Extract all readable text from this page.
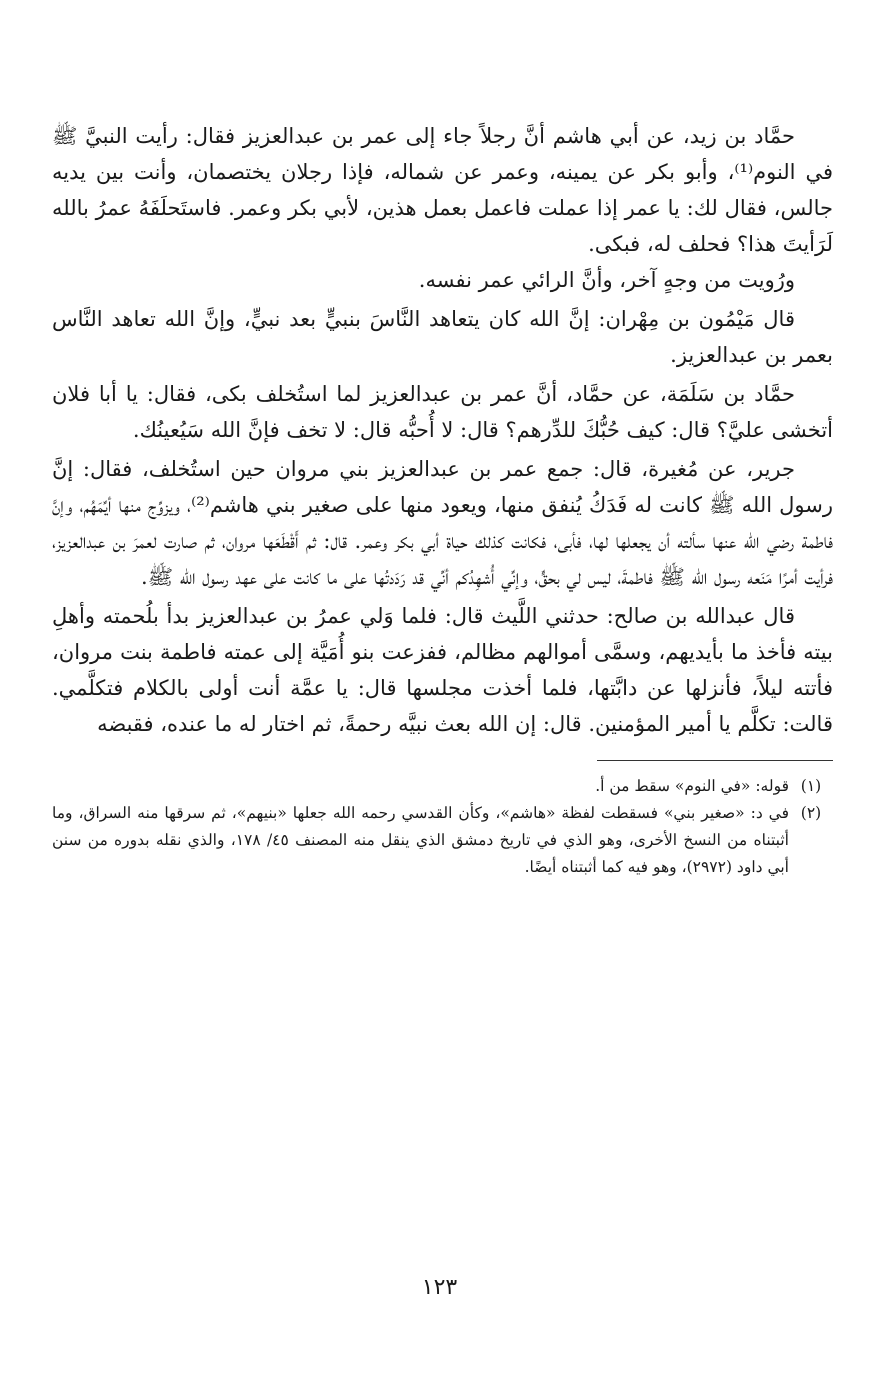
حمَّاد بن زيد، عن أبي هاشم أنَّ رجلاً جاء إلى عمر بن عبدالعزيز فقال: رأيت النبيَّ ﷺ في النوم⁽¹⁾، وأبو بكر عن يمينه، وعمر عن شماله، فإذا رجلان يختصمان، وأنت بين يديه جالس، فقال لك: يا عمر إذا عملت فاعمل بعمل هذين، لأبي بكر وعمر. فاستَحلَفَهُ عمرُ بالله لَرَأيتَ هذا؟ فحلف له، فبكى.

ورُويت من وجهٍ آخر، وأنَّ الرائي عمر نفسه.

قال مَيْمُون بن مِهْران: إنَّ الله كان يتعاهد النَّاسَ بنبيٍّ بعد نبيٍّ، وإنَّ الله تعاهد النَّاس بعمر بن عبدالعزيز.

حمَّاد بن سَلَمَة، عن حمَّاد، أنَّ عمر بن عبدالعزيز لما استُخلف بكى، فقال: يا أبا فلان أتخشى عليَّ؟ قال: كيف حُبُّكَ للدِّرهم؟ قال: لا أُحبُّه قال: لا تخف فإنَّ الله سَيُعينُك.

جرير، عن مُغيرة، قال: جمع عمر بن عبدالعزيز بني مروان حين استُخلف، فقال: إنَّ رسول الله ﷺ كانت له فَدَكُ يُنفق منها، ويعود منها على صغير بني هاشم⁽²⁾، ويزوِّج منها أيِّمَهُم، وإنَّ فاطمة رضي الله عنها سألته أن يجعلها لها، فأبى، فكانت كذلك حياة أبي بكر وعمر. قال: ثم أَقْطَعَها مروان، ثم صارت لعمرَ بن عبدالعزيز، فرأيت أمرًا مَنَعه رسول الله ﷺ فاطمةَ، ليس لي بحقٍّ، وإنِّي أُشهِدُكم أنِّي قد رَدَدتُها على ما كانت على عهد رسول الله ﷺ.

قال عبدالله بن صالح: حدثني اللَّيث قال: فلما وَلي عمرُ بن عبدالعزيز بدأ بلُحمته وأهلِ بيته فأخذ ما بأيديهم، وسمَّى أموالهم مظالم، ففزعت بنو أُمَيَّة إلى عمته فاطمة بنت مروان، فأتته ليلاً، فأنزلها عن دابَّتها، فلما أخذت مجلسها قال: يا عمَّة أنت أولى بالكلام فتكلَّمي. قالت: تكلَّم يا أمير المؤمنين. قال: إن الله بعث نبيَّه رحمةً، ثم اختار له ما عنده، فقبضه

(١)
قوله: «في النوم» سقط من أ.
(٢)
في د: «صغير بني» فسقطت لفظة «هاشم»، وكأن القدسي رحمه الله جعلها «بنيهم»، ثم سرقها منه السراق، وما أثبتناه من النسخ الأخرى، وهو الذي في تاريخ دمشق الذي ينقل منه المصنف ٤٥/ ١٧٨، والذي نقله بدوره من سنن أبي داود (٢٩٧٢)، وهو فيه كما أثبتناه أيضًا.
١٢٣
